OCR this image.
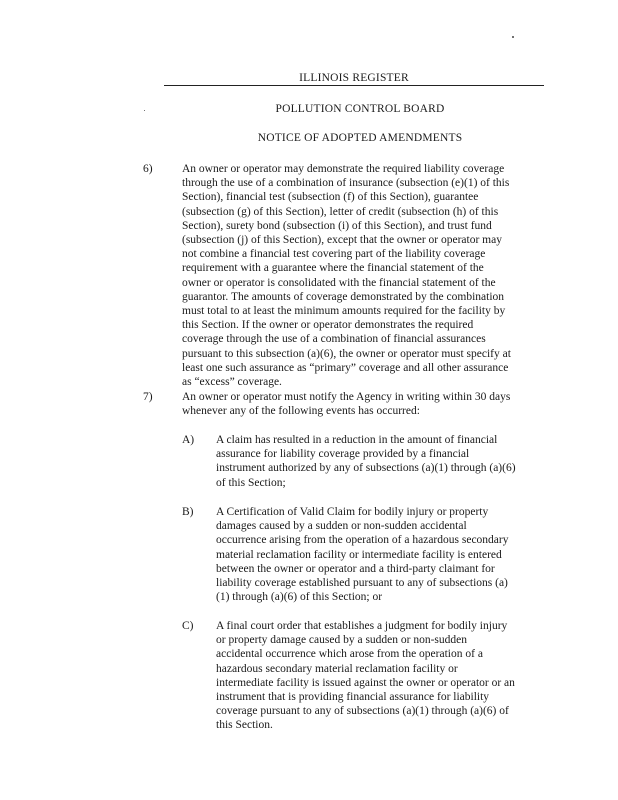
ILLINOIS REGISTER
POLLUTION CONTROL BOARD
NOTICE OF ADOPTED AMENDMENTS
6)	An owner or operator may demonstrate the required liability coverage through the use of a combination of insurance (subsection (e)(1) of this Section), financial test (subsection (f) of this Section), guarantee (subsection (g) of this Section), letter of credit (subsection (h) of this Section), surety bond (subsection (i) of this Section), and trust fund (subsection (j) of this Section), except that the owner or operator may not combine a financial test covering part of the liability coverage requirement with a guarantee where the financial statement of the owner or operator is consolidated with the financial statement of the guarantor. The amounts of coverage demonstrated by the combination must total to at least the minimum amounts required for the facility by this Section. If the owner or operator demonstrates the required coverage through the use of a combination of financial assurances pursuant to this subsection (a)(6), the owner or operator must specify at least one such assurance as “primary” coverage and all other assurance as “excess” coverage.
7)	An owner or operator must notify the Agency in writing within 30 days whenever any of the following events has occurred:
A) A claim has resulted in a reduction in the amount of financial assurance for liability coverage provided by a financial instrument authorized by any of subsections (a)(1) through (a)(6) of this Section;
B) A Certification of Valid Claim for bodily injury or property damages caused by a sudden or non-sudden accidental occurrence arising from the operation of a hazardous secondary material reclamation facility or intermediate facility is entered between the owner or operator and a third-party claimant for liability coverage established pursuant to any of subsections (a)(1) through (a)(6) of this Section; or
C) A final court order that establishes a judgment for bodily injury or property damage caused by a sudden or non-sudden accidental occurrence which arose from the operation of a hazardous secondary material reclamation facility or intermediate facility is issued against the owner or operator or an instrument that is providing financial assurance for liability coverage pursuant to any of subsections (a)(1) through (a)(6) of this Section.
